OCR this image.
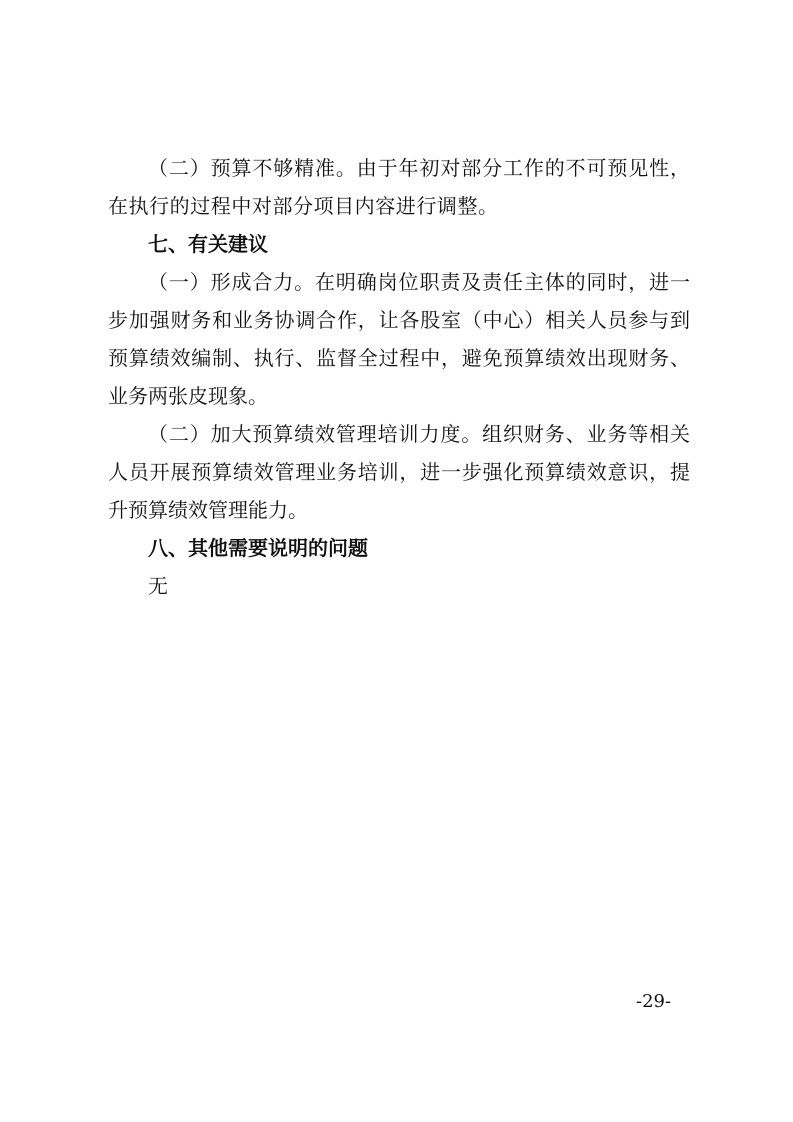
（二）预算不够精准。由于年初对部分工作的不可预见性，
在执行的过程中对部分项目内容进行调整。
七、有关建议
（一）形成合力。在明确岗位职责及责任主体的同时，进一
步加强财务和业务协调合作，让各股室（中心）相关人员参与到
预算绩效编制、执行、监督全过程中，避免预算绩效出现财务、
业务两张皮现象。
（二）加大预算绩效管理培训力度。组织财务、业务等相关
人员开展预算绩效管理业务培训，进一步强化预算绩效意识，提
升预算绩效管理能力。
八、其他需要说明的问题
无
-29-
